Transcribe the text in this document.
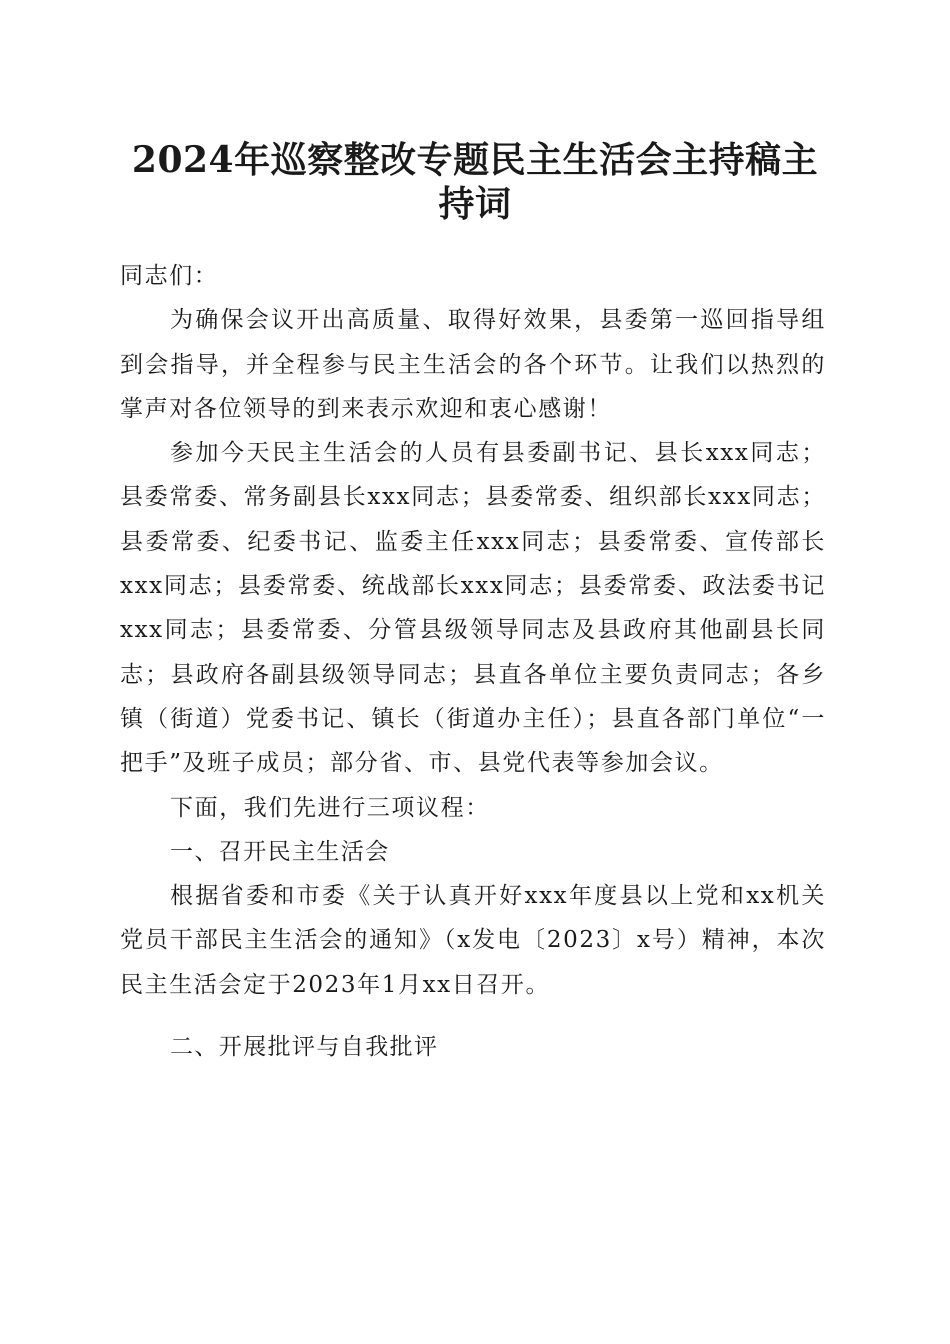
2024年巡察整改专题民主生活会主持稿主持词

同志们：

为确保会议开出高质量、取得好效果，县委第一巡回指导组到会指导，并全程参与民主生活会的各个环节。让我们以热烈的掌声对各位领导的到来表示欢迎和衷心感谢！

参加今天民主生活会的人员有县委副书记、县长xxx同志；县委常委、常务副县长xxx同志；县委常委、组织部长xxx同志；县委常委、纪委书记、监委主任xxx同志；县委常委、宣传部长xxx同志；县委常委、统战部长xxx同志；县委常委、政法委书记xxx同志；县委常委、分管县级领导同志及县政府其他副县长同志；县政府各副县级领导同志；县直各单位主要负责同志；各乡镇（街道）党委书记、镇长（街道办主任）；县直各部门单位“一把手”及班子成员；部分省、市、县党代表等参加会议。

下面，我们先进行三项议程：

一、召开民主生活会

根据省委和市委《关于认真开好xxx年度县以上党和xx机关党员干部民主生活会的通知》（x发电〔2023〕x号）精神，本次民主生活会定于2023年1月xx日召开。

二、开展批评与自我批评
